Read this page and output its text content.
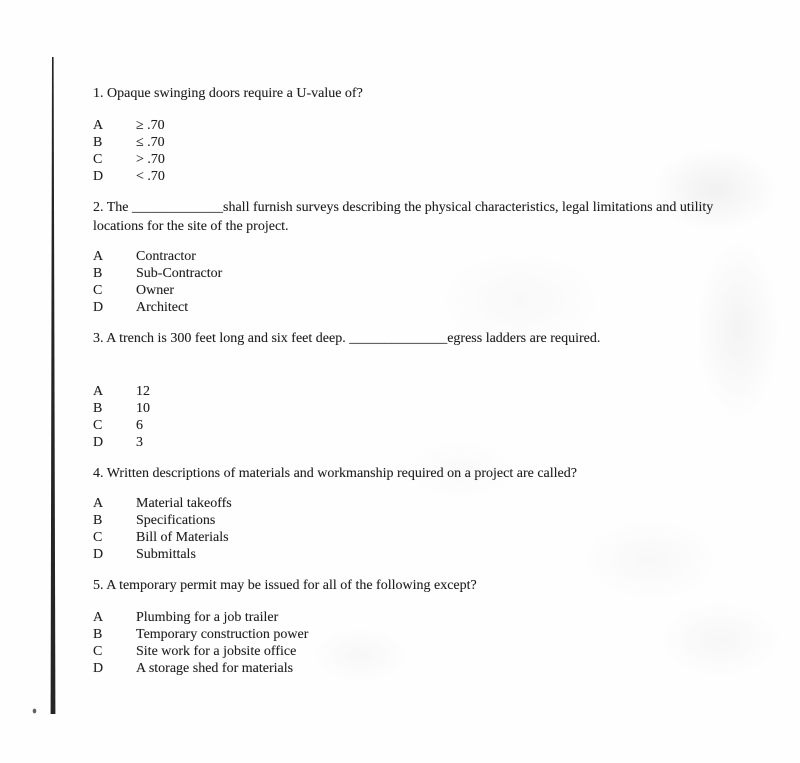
1. Opaque swinging doors require a U-value of?
A	≥ .70
B	≤ .70
C	> .70
D	< .70
2. The _____________shall furnish surveys describing the physical characteristics, legal limitations and utility
locations for the site of the project.
A	Contractor
B	Sub-Contractor
C	Owner
D	Architect
3. A trench is 300 feet long and six feet deep. ______________egress ladders are required.
A	12
B	10
C	6
D	3
4. Written descriptions of materials and workmanship required on a project are called?
A	Material takeoffs
B	Specifications
C	Bill of Materials
D	Submittals
5. A temporary permit may be issued for all of the following except?
A	Plumbing for a job trailer
B	Temporary construction power
C	Site work for a jobsite office
D	A storage shed for materials
